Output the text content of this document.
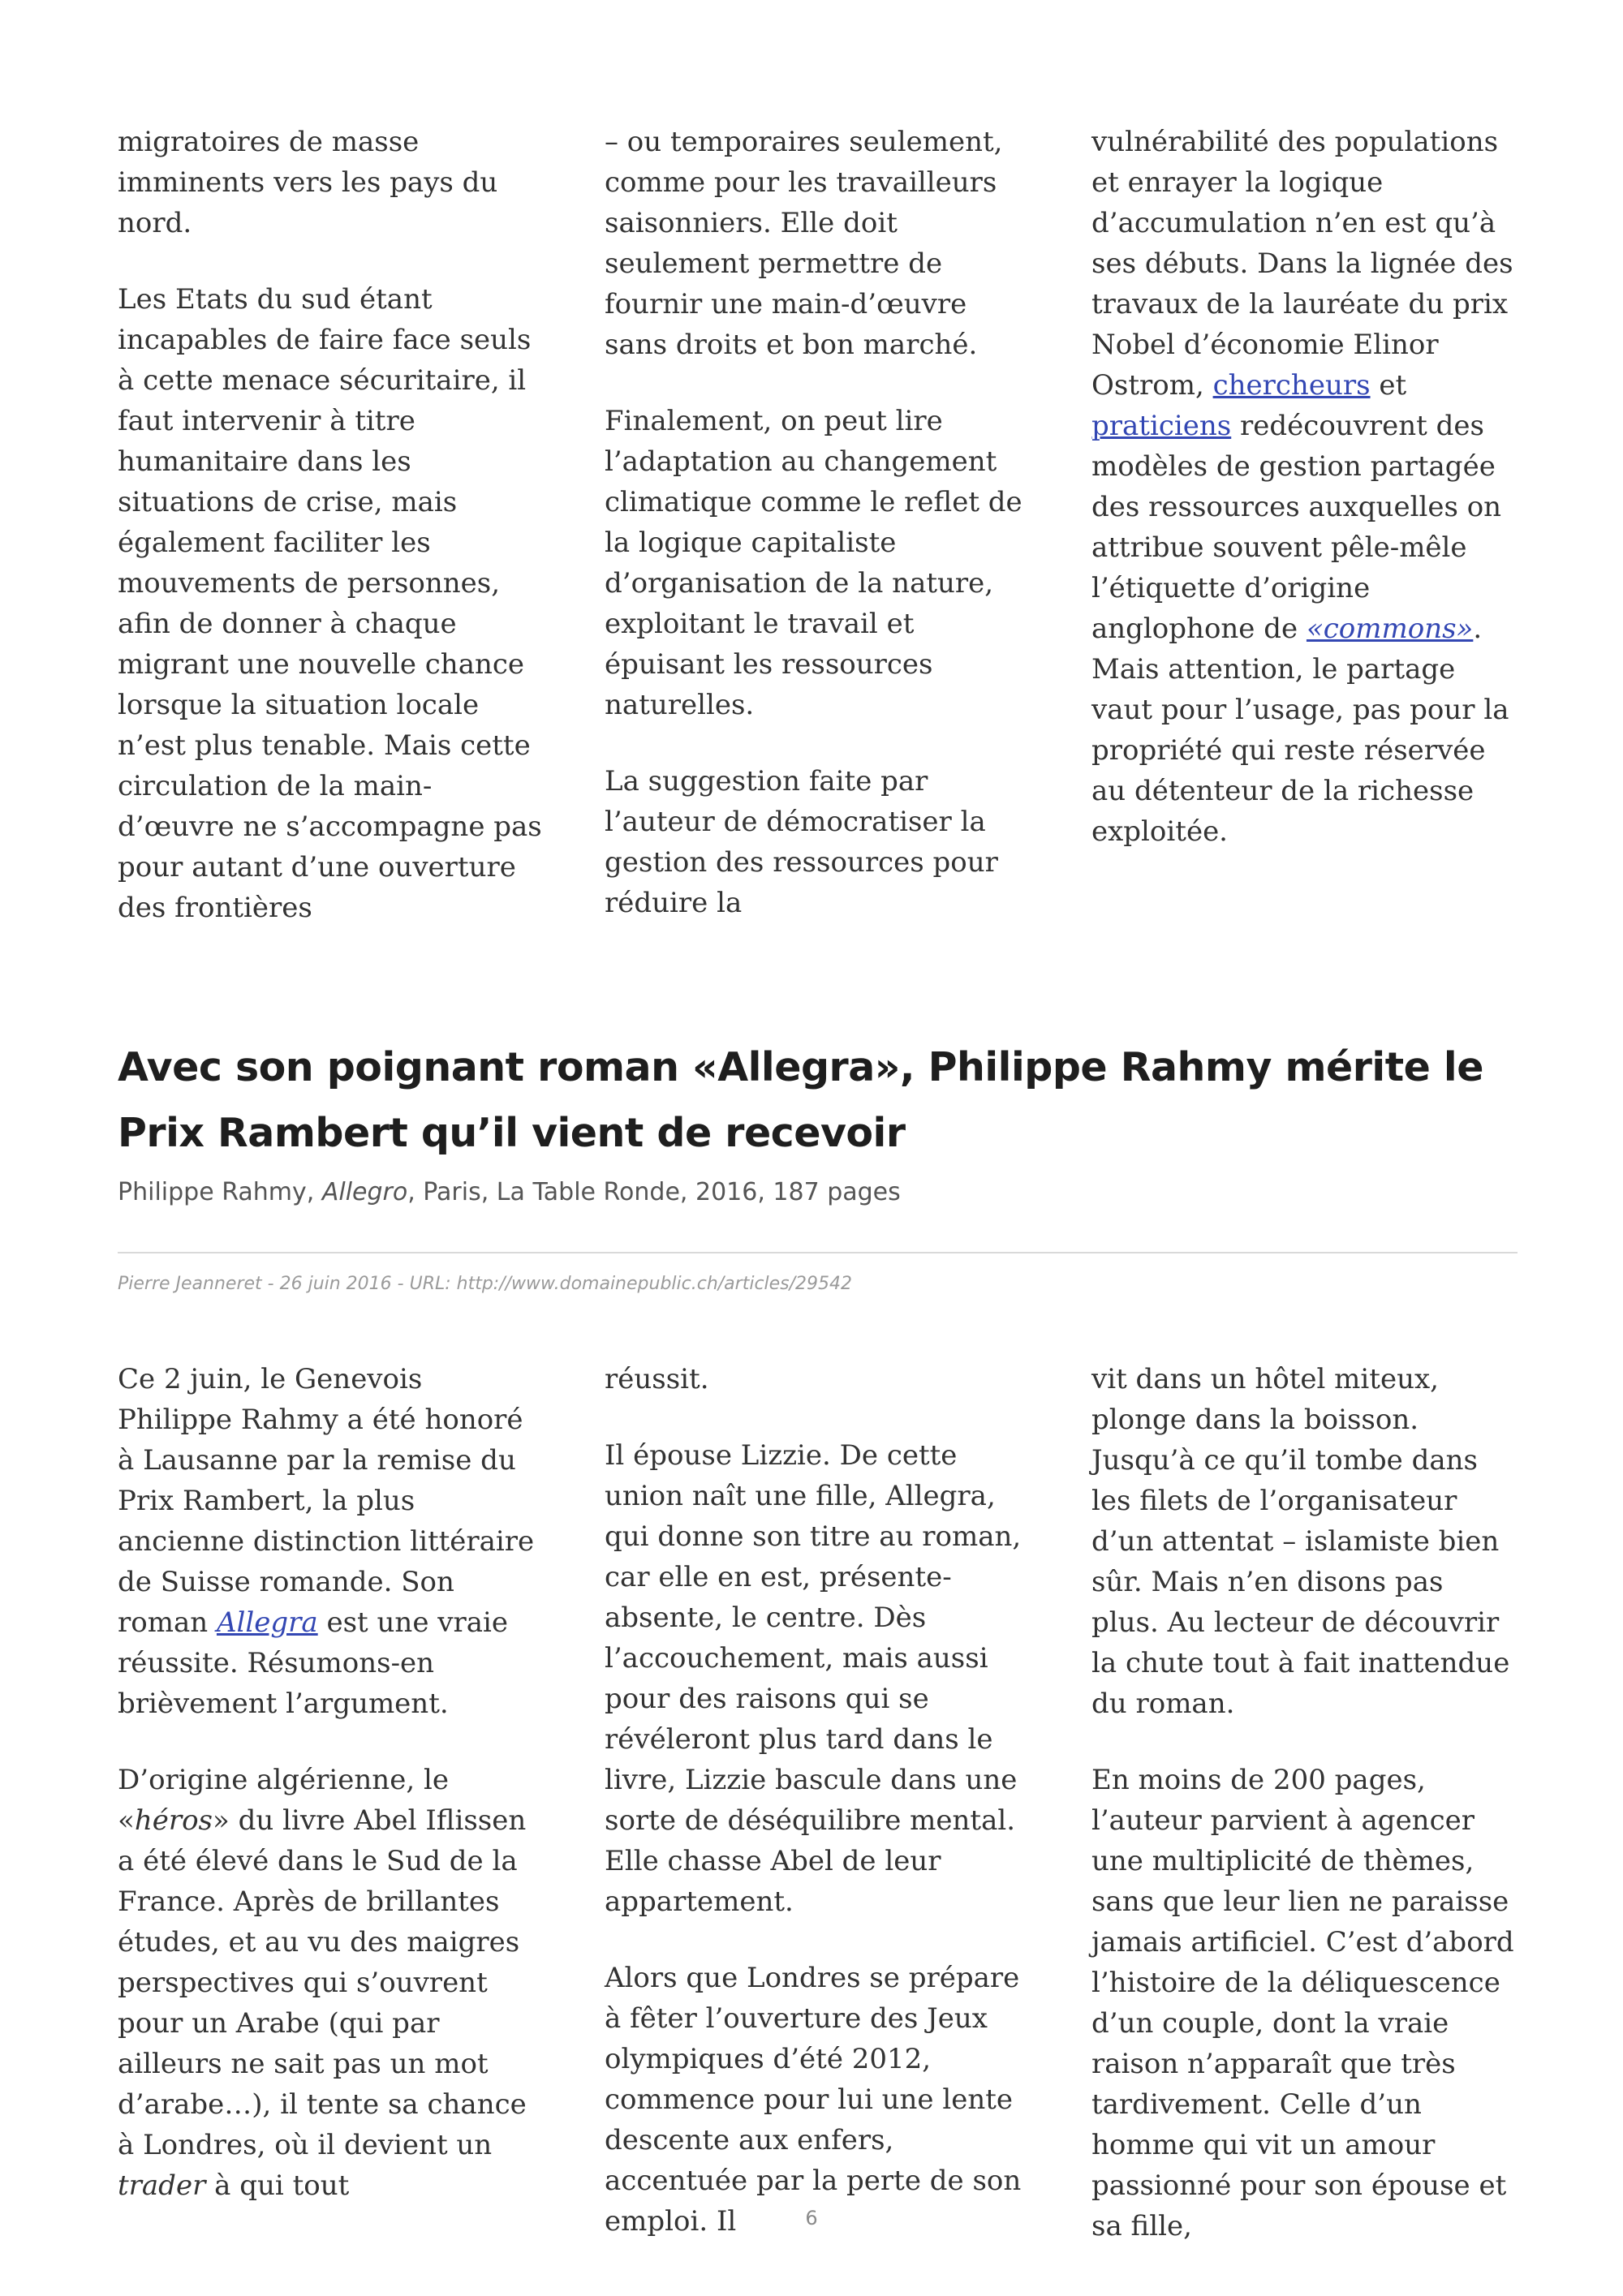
migratoires de masse imminents vers les pays du nord.

Les Etats du sud étant incapables de faire face seuls à cette menace sécuritaire, il faut intervenir à titre humanitaire dans les situations de crise, mais également faciliter les mouvements de personnes, afin de donner à chaque migrant une nouvelle chance lorsque la situation locale n’est plus tenable. Mais cette circulation de la main-d’œuvre ne s’accompagne pas pour autant d’une ouverture des frontières

– ou temporaires seulement, comme pour les travailleurs saisonniers. Elle doit seulement permettre de fournir une main-d’œuvre sans droits et bon marché.

Finalement, on peut lire l’adaptation au changement climatique comme le reflet de la logique capitaliste d’organisation de la nature, exploitant le travail et épuisant les ressources naturelles.

La suggestion faite par l’auteur de démocratiser la gestion des ressources pour réduire la

vulnérabilité des populations et enrayer la logique d’accumulation n’en est qu’à ses débuts. Dans la lignée des travaux de la lauréate du prix Nobel d’économie Elinor Ostrom, chercheurs et praticiens redécouvrent des modèles de gestion partagée des ressources auxquelles on attribue souvent pêle-mêle l’étiquette d’origine anglophone de «commons». Mais attention, le partage vaut pour l’usage, pas pour la propriété qui reste réservée au détenteur de la richesse exploitée.

Avec son poignant roman «Allegra», Philippe Rahmy mérite le Prix Rambert qu’il vient de recevoir

Philippe Rahmy, Allegro, Paris, La Table Ronde, 2016, 187 pages

Pierre Jeanneret - 26 juin 2016 - URL: http://www.domainepublic.ch/articles/29542

Ce 2 juin, le Genevois Philippe Rahmy a été honoré à Lausanne par la remise du Prix Rambert, la plus ancienne distinction littéraire de Suisse romande. Son roman Allegra est une vraie réussite. Résumons-en brièvement l’argument.

D’origine algérienne, le «héros» du livre Abel Iflissen a été élevé dans le Sud de la France. Après de brillantes études, et au vu des maigres perspectives qui s’ouvrent pour un Arabe (qui par ailleurs ne sait pas un mot d’arabe…), il tente sa chance à Londres, où il devient un trader à qui tout

réussit.

Il épouse Lizzie. De cette union naît une fille, Allegra, qui donne son titre au roman, car elle en est, présente-absente, le centre. Dès l’accouchement, mais aussi pour des raisons qui se révéleront plus tard dans le livre, Lizzie bascule dans une sorte de déséquilibre mental. Elle chasse Abel de leur appartement.

Alors que Londres se prépare à fêter l’ouverture des Jeux olympiques d’été 2012, commence pour lui une lente descente aux enfers, accentuée par la perte de son emploi. Il

vit dans un hôtel miteux, plonge dans la boisson. Jusqu’à ce qu’il tombe dans les filets de l’organisateur d’un attentat – islamiste bien sûr. Mais n’en disons pas plus. Au lecteur de découvrir la chute tout à fait inattendue du roman.

En moins de 200 pages, l’auteur parvient à agencer une multiplicité de thèmes, sans que leur lien ne paraisse jamais artificiel. C’est d’abord l’histoire de la déliquescence d’un couple, dont la vraie raison n’apparaît que très tardivement. Celle d’un homme qui vit un amour passionné pour son épouse et sa fille,

6
